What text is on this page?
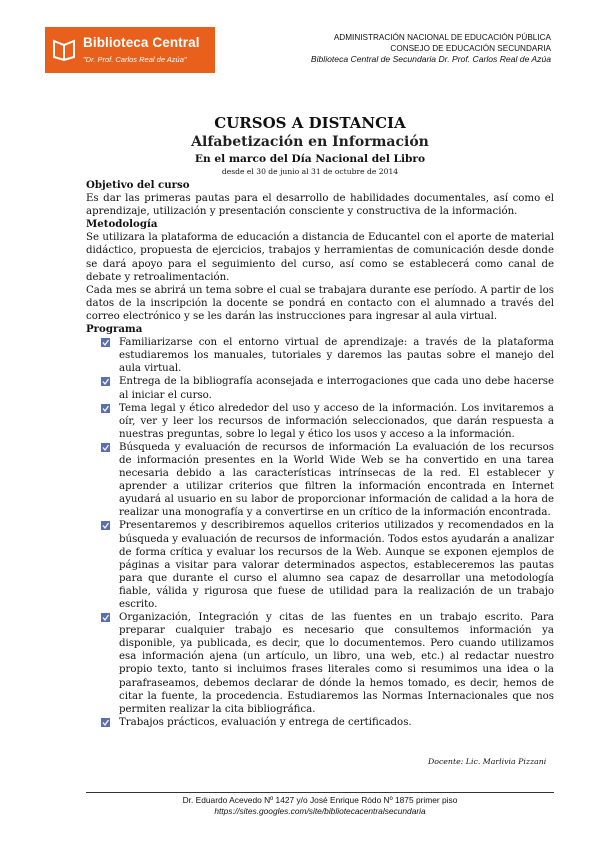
Biblioteca Central
"Dr. Prof. Carlos Real de Azúa"
ADMINISTRACIÓN NACIONAL DE EDUCACIÓN PÚBLICA
CONSEJO DE EDUCACIÓN SECUNDARIA
Biblioteca Central de Secundaria Dr. Prof. Carlos Real de Azúa
CURSOS A DISTANCIA
Alfabetización en Información
En el marco del Día Nacional del Libro
desde el 30 de junio al 31 de octubre de 2014

Objetivo del curso

Es dar las primeras pautas para el desarrollo de habilidades documentales, así como el aprendizaje, utilización y presentación consciente y constructiva de la información.

Metodología

Se utilizara la plataforma de educación a distancia de Educantel con el aporte de material didáctico, propuesta de ejercicios, trabajos y herramientas de comunicación desde donde se dará apoyo para el seguimiento del curso, así como se establecerá como canal de debate y retroalimentación.

Cada mes se abrirá un tema sobre el cual se trabajara durante ese período. A partir de los datos de la inscripción la docente se pondrá en contacto con el alumnado a través del correo electrónico y se les darán las instrucciones para ingresar al aula virtual.

Programa

Familiarizarse con el entorno virtual de aprendizaje: a través de la plataforma estudiaremos los manuales, tutoriales y daremos las pautas sobre el manejo del aula virtual.
Entrega de la bibliografía aconsejada e interrogaciones que cada uno debe hacerse al iniciar el curso.
Tema legal y ético alrededor del uso y acceso de la información. Los invitaremos a oír, ver y leer los recursos de información seleccionados, que darán respuesta a nuestras preguntas, sobre lo legal y ético los usos y acceso a la información.
Búsqueda y evaluación de recursos de información La evaluación de los recursos de información presentes en la World Wide Web se ha convertido en una tarea necesaria debido a las características intrínsecas de la red. El establecer y aprender a utilizar criterios que filtren la información encontrada en Internet ayudará al usuario en su labor de proporcionar información de calidad a la hora de realizar una monografía y a convertirse en un crítico de la información encontrada.
Presentaremos y describiremos aquellos criterios utilizados y recomendados en la búsqueda y evaluación de recursos de información. Todos estos ayudarán a analizar de forma crítica y evaluar los recursos de la Web. Aunque se exponen ejemplos de páginas a visitar para valorar determinados aspectos, estableceremos las pautas para que durante el curso el alumno sea capaz de desarrollar una metodología fiable, válida y rigurosa que fuese de utilidad para la realización de un trabajo escrito.
Organización, Integración y citas de las fuentes en un trabajo escrito. Para preparar cualquier trabajo es necesario que consultemos información ya disponible, ya publicada, es decir, que lo documentemos. Pero cuando utilizamos esa información ajena (un artículo, un libro, una web, etc.) al redactar nuestro propio texto, tanto si incluimos frases literales como si resumimos una idea o la parafraseamos, debemos declarar de dónde la hemos tomado, es decir, hemos de citar la fuente, la procedencia. Estudiaremos las Normas Internacionales que nos permiten realizar la cita bibliográfica.
Trabajos prácticos, evaluación y entrega de certificados.
Docente: Lic. Marlivia Pizzani
Dr. Eduardo Acevedo Nº 1427 y/o José Enrique Ródo Nº 1875 primer piso
https://sites.googles.com/site/bibliotecacentralsecundaria
